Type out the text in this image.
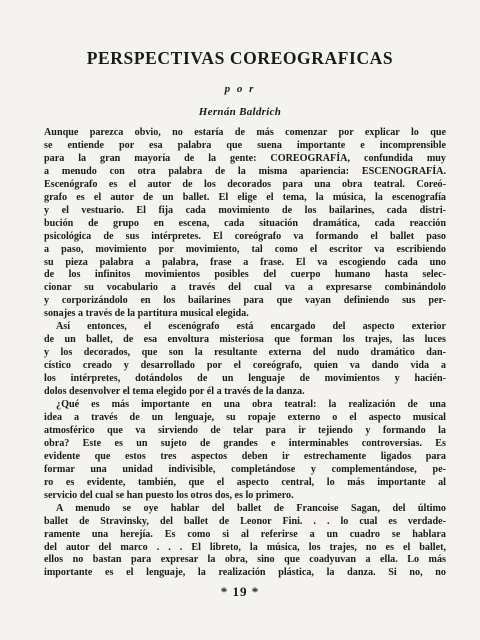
PERSPECTIVAS COREOGRAFICAS
p o r
Hernán Baldrich
Aunque parezca obvio, no estaría de más comenzar por explicar lo que
se entiende por esa palabra que suena importante e incomprensible
para la gran mayoría de la gente: COREOGRAFÍA, confundida muy
a menudo con otra palabra de la misma apariencia: ESCENOGRAFÍA.
Escenógrafo es el autor de los decorados para una obra teatral. Coreó-
grafo es el autor de un ballet. El elige el tema, la música, la escenografía
y el vestuario. El fija cada movimiento de los bailarines, cada distri-
bución de grupo en escena, cada situación dramática, cada reacción
psicológica de sus intérpretes. El coreógrafo va formando el ballet paso
a paso, movimiento por movimiento, tal como el escritor va escribiendo
su pieza palabra a palabra, frase a frase. El va escogiendo cada uno
de los infinitos movimientos posibles del cuerpo humano hasta selec-
cionar su vocabulario a través del cual va a expresarse combinándolo
y corporizándolo en los bailarines para que vayan definiendo sus per-
sonajes a través de la partitura musical elegida.
Así entonces, el escenógrafo está encargado del aspecto exterior
de un ballet, de esa envoltura misteriosa que forman los trajes, las luces
y los decorados, que son la resultante externa del nudo dramático dan-
cístico creado y desarrollado por el coreógrafo, quien va dando vida a
los intérpretes, dotándolos de un lenguaje de movimientos y hacién-
dolos desenvolver el tema elegido por él a través de la danza.
¿Qué es más importante en una obra teatral: la realización de una
idea a través de un lenguaje, su ropaje externo o el aspecto musical
atmosférico que va sirviendo de telar para ir tejiendo y formando la
obra? Este es un sujeto de grandes e interminables controversias. Es
evidente que estos tres aspectos deben ir estrechamente ligados para
formar una unidad indivisible, completándose y complementándose, pe-
ro es evidente, también, que el aspecto central, lo más importante al
servicio del cual se han puesto los otros dos, es lo primero.
A menudo se oye hablar del ballet de Francoise Sagan, del último
ballet de Stravinsky, del ballet de Leonor Fini. . . lo cual es verdade-
ramente una herejía. Es como si al referirse a un cuadro se hablara
del autor del marco . . . El libreto, la música, los trajes, no es el ballet,
ellos no bastan para expresar la obra, sino que coadyuvan a ella. Lo más
importante es el lenguaje, la realización plástica, la danza. Si no, no
* 19 *
